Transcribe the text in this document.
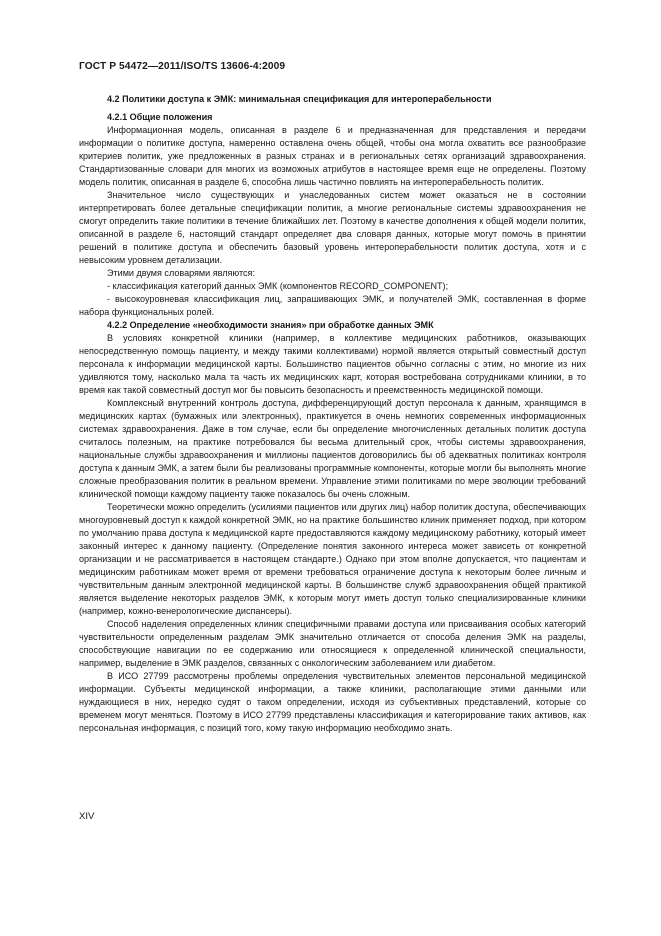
ГОСТ Р 54472—2011/ISO/TS 13606-4:2009
4.2 Политики доступа к ЭМК: минимальная спецификация для интероперабельности
4.2.1 Общие положения

Информационная модель, описанная в разделе 6 и предназначенная для представления и передачи информации о политике доступа, намеренно оставлена очень общей, чтобы она могла охватить все разнообразие критериев политик, уже предложенных в разных странах и в региональных сетях организаций здравоохранения. Стандартизованные словари для многих из возможных атрибутов в настоящее время еще не определены. Поэтому модель политик, описанная в разделе 6, способна лишь частично повлиять на интероперабельность политик.

Значительное число существующих и унаследованных систем может оказаться не в состоянии интерпретировать более детальные спецификации политик, а многие региональные системы здравоохранения не смогут определить такие политики в течение ближайших лет. Поэтому в качестве дополнения к общей модели политик, описанной в разделе 6, настоящий стандарт определяет два словаря данных, которые могут помочь в принятии решений в политике доступа и обеспечить базовый уровень интероперабельности политик доступа, хотя и с невысоким уровнем детализации.

Этими двумя словарями являются:

- классификация категорий данных ЭМК (компонентов RECORD_COMPONENT);

- высокоуровневая классификация лиц, запрашивающих ЭМК, и получателей ЭМК, составленная в форме набора функциональных ролей.

4.2.2 Определение «необходимости знания» при обработке данных ЭМК

В условиях конкретной клиники (например, в коллективе медицинских работников, оказывающих непосредственную помощь пациенту, и между такими коллективами) нормой является открытый совместный доступ персонала к информации медицинской карты. Большинство пациентов обычно согласны с этим, но многие из них удивляются тому, насколько мала та часть их медицинских карт, которая востребована сотрудниками клиники, в то время как такой совместный доступ мог бы повысить безопасность и преемственность медицинской помощи.

Комплексный внутренний контроль доступа, дифференцирующий доступ персонала к данным, хранящимся в медицинских картах (бумажных или электронных), практикуется в очень немногих современных информационных системах здравоохранения. Даже в том случае, если бы определение многочисленных детальных политик доступа считалось полезным, на практике потребовался бы весьма длительный срок, чтобы системы здравоохранения, национальные службы здравоохранения и миллионы пациентов договорились бы об адекватных политиках контроля доступа к данным ЭМК, а затем были бы реализованы программные компоненты, которые могли бы выполнять многие сложные преобразования политик в реальном времени. Управление этими политиками по мере эволюции требований клинической помощи каждому пациенту также показалось бы очень сложным.

Теоретически можно определить (усилиями пациентов или других лиц) набор политик доступа, обеспечивающих многоуровневый доступ к каждой конкретной ЭМК, но на практике большинство клиник применяет подход, при котором по умолчанию права доступа к медицинской карте предоставляются каждому медицинскому работнику, который имеет законный интерес к данному пациенту. (Определение понятия законного интереса может зависеть от конкретной организации и не рассматривается в настоящем стандарте.) Однако при этом вполне допускается, что пациентам и медицинским работникам может время от времени требоваться ограничение доступа к некоторым более личным и чувствительным данным электронной медицинской карты. В большинстве служб здравоохранения общей практикой является выделение некоторых разделов ЭМК, к которым могут иметь доступ только специализированные клиники (например, кожно-венерологические диспансеры).

Способ наделения определенных клиник специфичными правами доступа или присваивания особых категорий чувствительности определенным разделам ЭМК значительно отличается от способа деления ЭМК на разделы, способствующие навигации по ее содержанию или относящиеся к определенной клинической специальности, например, выделение в ЭМК разделов, связанных с онкологическим заболеванием или диабетом.

В ИСО 27799 рассмотрены проблемы определения чувствительных элементов персональной медицинской информации. Субъекты медицинской информации, а также клиники, располагающие этими данными или нуждающиеся в них, нередко судят о таком определении, исходя из субъективных представлений, которые со временем могут меняться. Поэтому в ИСО 27799 представлены классификация и категорирование таких активов, как персональная информация, с позиций того, кому такую информацию необходимо знать.

XIV
